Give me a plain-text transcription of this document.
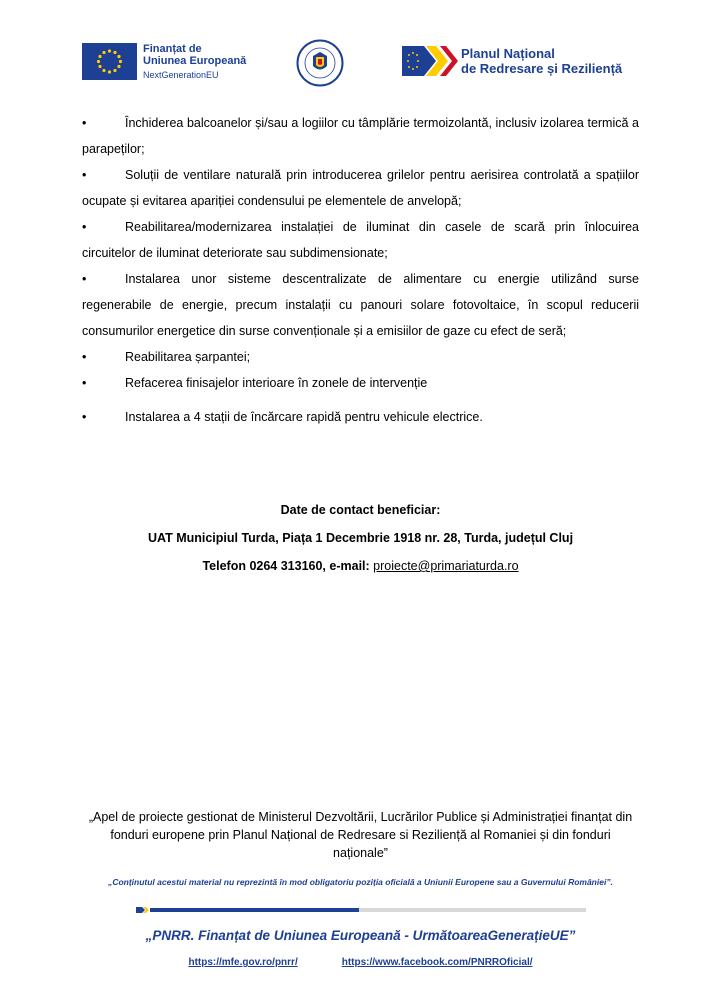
Finanțat de
Uniunea Europeană
NextGenerationEU
Planul Național
de Redresare și Reziliență
•	Închiderea balcoanelor și/sau a logiilor cu tâmplărie termoizolantă, inclusiv izolarea termică a parapeților;
•	Soluții de ventilare naturală prin introducerea grilelor pentru aerisirea controlată a spațiilor ocupate și evitarea apariției condensului pe elementele de anvelopă;
•	Reabilitarea/modernizarea instalației de iluminat din casele de scară prin înlocuirea circuitelor de iluminat deteriorate sau subdimensionate;
•	Instalarea unor sisteme descentralizate de alimentare cu energie utilizând surse regenerabile de energie, precum instalații cu panouri solare fotovoltaice, în scopul reducerii consumurilor energetice din surse convenționale și a emisiilor de gaze cu efect de seră;
•	Reabilitarea șarpantei;
•	Refacerea finisajelor interioare în zonele de intervenție
•	Instalarea a 4 stații de încărcare rapidă pentru vehicule electrice.
Date de contact beneficiar:
UAT Municipiul Turda, Piața 1 Decembrie 1918 nr. 28, Turda, județul Cluj
Telefon 0264 313160, e-mail: proiecte@primariaturda.ro
„Apel de proiecte gestionat de Ministerul Dezvoltării, Lucrărilor Publice și Administrației finanțat din fonduri europene prin Planul Național de Redresare si Reziliență al Romaniei și din fonduri naționale”
„Conținutul acestui material nu reprezintă în mod obligatoriu poziția oficială a Uniunii Europene sau a Guvernului României”.
„PNRR. Finanțat de Uniunea Europeană - UrmătoareaGenerațieUE”
https://mfe.gov.ro/pnrr/	https://www.facebook.com/PNRROficial/
